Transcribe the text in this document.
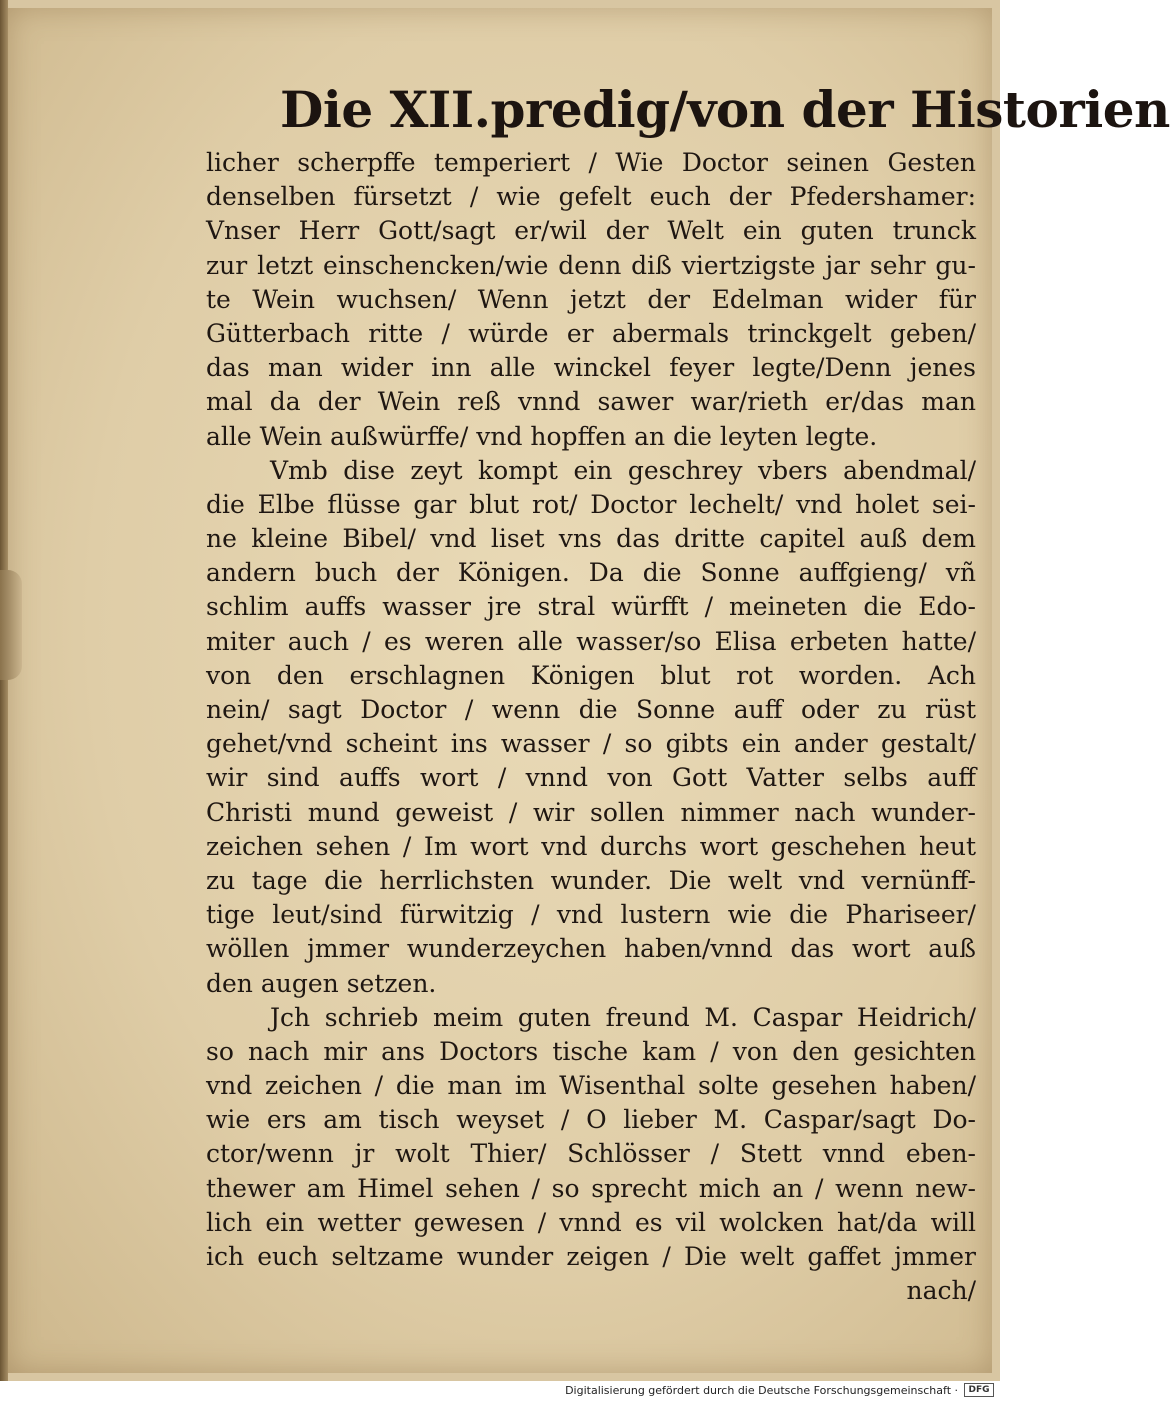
Die XII.predig/von der Historien
licher scherpffe temperiert / Wie Doctor seinen Gesten
denselben fürsetzt / wie gefelt euch der Pfedershamer:
Vnser Herr Gott/sagt er/wil der Welt ein guten trunck
zur letzt einschencken/wie denn diß viertzigste jar sehr gu-
te Wein wuchsen/ Wenn jetzt der Edelman wider für
Gütterbach ritte / würde er abermals trinckgelt geben/
das man wider inn alle winckel feyer legte/Denn jenes
mal da der Wein reß vnnd sawer war/rieth er/das man
alle Wein außwürffe/ vnd hopffen an die leyten legte.
Vmb dise zeyt kompt ein geschrey vbers abendmal/
die Elbe flüsse gar blut rot/ Doctor lechelt/ vnd holet sei-
ne kleine Bibel/ vnd liset vns das dritte capitel auß dem
andern buch der Königen. Da die Sonne auffgieng/ vñ
schlim auffs wasser jre stral würfft / meineten die Edo-
miter auch / es weren alle wasser/so Elisa erbeten hatte/
von den erschlagnen Königen blut rot worden. Ach
nein/ sagt Doctor / wenn die Sonne auff oder zu rüst
gehet/vnd scheint ins wasser / so gibts ein ander gestalt/
wir sind auffs wort / vnnd von Gott Vatter selbs auff
Christi mund geweist / wir sollen nimmer nach wunder-
zeichen sehen / Im wort vnd durchs wort geschehen heut
zu tage die herrlichsten wunder. Die welt vnd vernünff-
tige leut/sind fürwitzig / vnd lustern wie die Phariseer/
wöllen jmmer wunderzeychen haben/vnnd das wort auß
den augen setzen.
Jch schrieb meim guten freund M. Caspar Heidrich/
so nach mir ans Doctors tische kam / von den gesichten
vnd zeichen / die man im Wisenthal solte gesehen haben/
wie ers am tisch weyset / O lieber M. Caspar/sagt Do-
ctor/wenn jr wolt Thier/ Schlösser / Stett vnnd eben-
thewer am Himel sehen / so sprecht mich an / wenn new-
lich ein wetter gewesen / vnnd es vil wolcken hat/da will
ich euch seltzame wunder zeigen / Die welt gaffet jmmer
nach/
Digitalisierung gefördert durch die Deutsche Forschungsgemeinschaft ·	DFG
